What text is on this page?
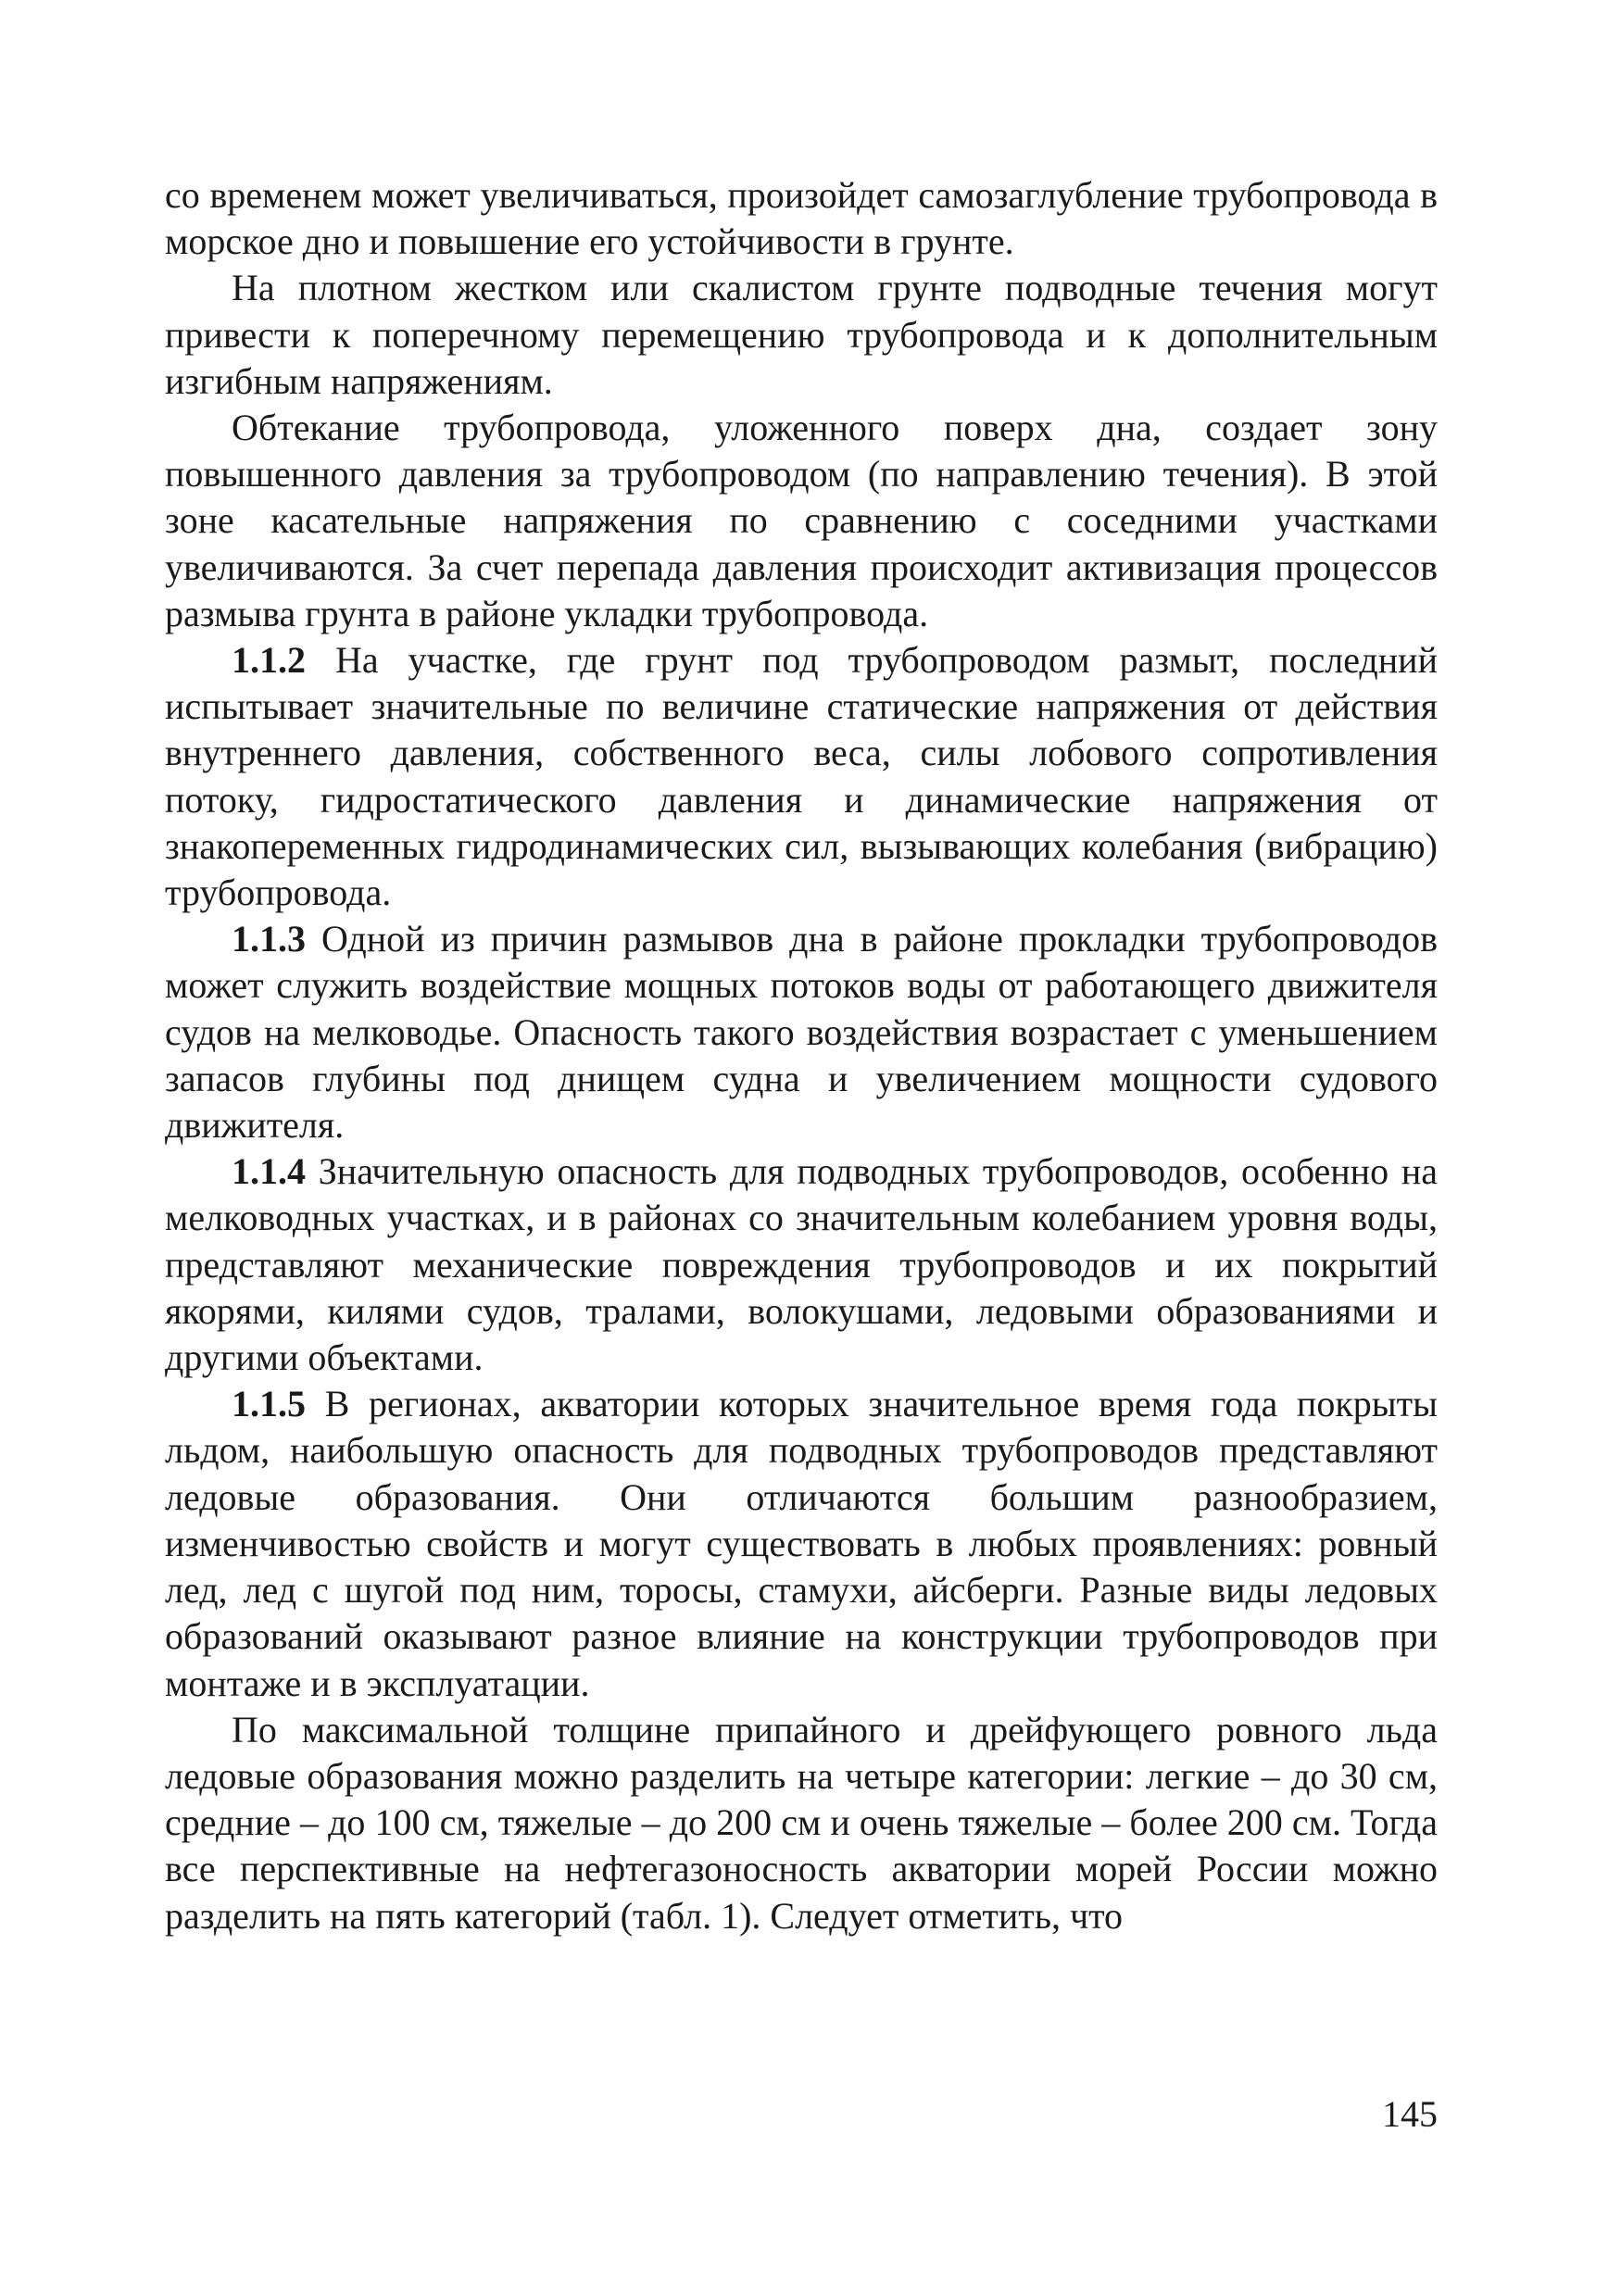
со временем может увеличиваться, произойдет самозаглубление трубопровода в морское дно и повышение его устойчивости в грунте.

На плотном жестком или скалистом грунте подводные течения могут привести к поперечному перемещению трубопровода и к дополнительным изгибным напряжениям.

Обтекание трубопровода, уложенного поверх дна, создает зону повышенного давления за трубопроводом (по направлению течения). В этой зоне касательные напряжения по сравнению с соседними участками увеличиваются. За счет перепада давления происходит активизация процессов размыва грунта в районе укладки трубопровода.

1.1.2 На участке, где грунт под трубопроводом размыт, последний испытывает значительные по величине статические напряжения от действия внутреннего давления, собственного веса, силы лобового сопротивления потоку, гидростатического давления и динамические напряжения от знакопеременных гидродинамических сил, вызывающих колебания (вибрацию) трубопровода.

1.1.3 Одной из причин размывов дна в районе прокладки трубопроводов может служить воздействие мощных потоков воды от работающего движителя судов на мелководье. Опасность такого воздействия возрастает с уменьшением запасов глубины под днищем судна и увеличением мощности судового движителя.

1.1.4 Значительную опасность для подводных трубопроводов, особенно на мелководных участках, и в районах со значительным колебанием уровня воды, представляют механические повреждения трубопроводов и их покрытий якорями, килями судов, тралами, волокушами, ледовыми образованиями и другими объектами.

1.1.5 В регионах, акватории которых значительное время года покрыты льдом, наибольшую опасность для подводных трубопроводов представляют ледовые образования. Они отличаются большим разнообразием, изменчивостью свойств и могут существовать в любых проявлениях: ровный лед, лед с шугой под ним, торосы, стамухи, айсберги. Разные виды ледовых образований оказывают разное влияние на конструкции трубопроводов при монтаже и в эксплуатации.

По максимальной толщине припайного и дрейфующего ровного льда ледовые образования можно разделить на четыре категории: легкие – до 30 см, средние – до 100 см, тяжелые – до 200 см и очень тяжелые – более 200 см. Тогда все перспективные на нефтегазоносность акватории морей России можно разделить на пять категорий (табл. 1). Следует отметить, что

145
